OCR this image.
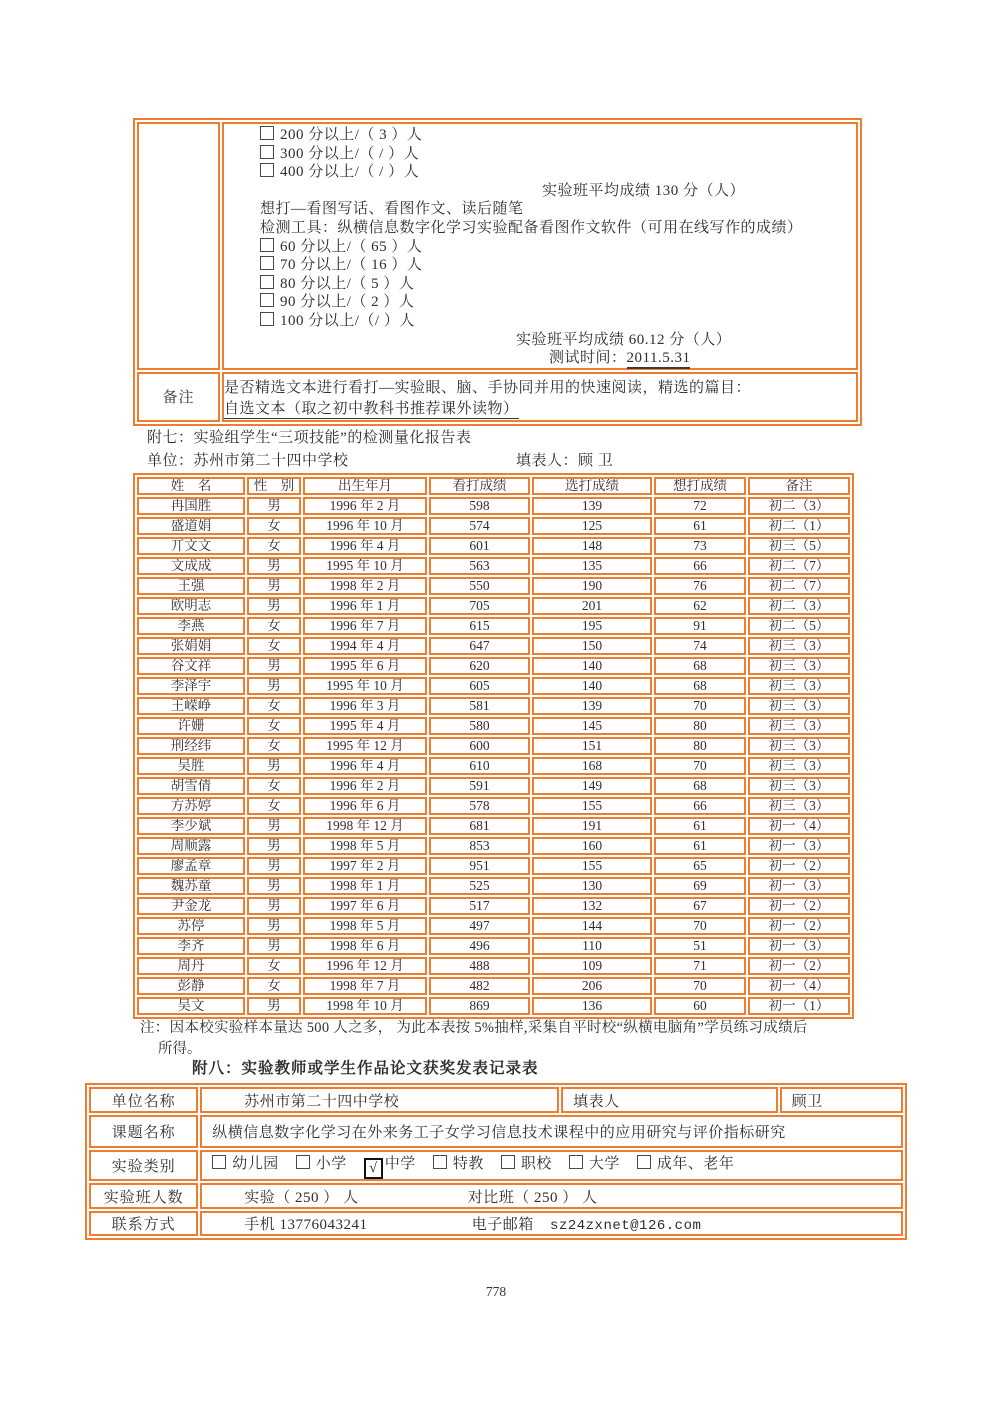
200 分以上/（ 3 ）人
300 分以上/（ / ）人
400 分以上/（ / ）人
实验班平均成绩 130 分（人）
想打—看图写话、看图作文、读后随笔
检测工具：纵横信息数字化学习实验配备看图作文软件（可用在线写作的成绩）
60 分以上/（ 65 ）人
70 分以上/（ 16 ）人
80 分以上/（ 5 ）人
90 分以上/（ 2 ）人
100 分以上/（/ ）人
实验班平均成绩 60.12 分（人）
测试时间：2011.5.31

备注	是否精选文本进行看打—实验眼、脑、手协同并用的快速阅读，精选的篇目：
自选文本（取之初中教科书推荐课外读物）
附七：实验组学生“三项技能”的检测量化报告表
单位：苏州市第二十四中学校	填表人：顾 卫
姓　名	性　别	出生年月	看打成绩	选打成绩	想打成绩	备注
冉国胜	男	1996 年 2 月	598	139	72	初二（3）
盛道娟	女	1996 年 10 月	574	125	61	初二（1）
丌文文	女	1996 年 4 月	601	148	73	初三（5）
文成成	男	1995 年 10 月	563	135	66	初二（7）
王强	男	1998 年 2 月	550	190	76	初二（7）
欧明志	男	1996 年 1 月	705	201	62	初二（3）
李燕	女	1996 年 7 月	615	195	91	初二（5）
张娟娟	女	1994 年 4 月	647	150	74	初三（3）
谷文祥	男	1995 年 6 月	620	140	68	初三（3）
李泽宇	男	1995 年 10 月	605	140	68	初三（3）
王嵘峥	女	1996 年 3 月	581	139	70	初三（3）
许姗	女	1995 年 4 月	580	145	80	初三（3）
刑经纬	女	1995 年 12 月	600	151	80	初三（3）
吴胜	男	1996 年 4 月	610	168	70	初三（3）
胡雪倩	女	1996 年 2 月	591	149	68	初三（3）
方苏婷	女	1996 年 6 月	578	155	66	初三（3）
李少斌	男	1998 年 12 月	681	191	61	初一（4）
周顺露	男	1998 年 5 月	853	160	61	初一（3）
廖孟章	男	1997 年 2 月	951	155	65	初一（2）
魏苏童	男	1998 年 1 月	525	130	69	初一（3）
尹金龙	男	1997 年 6 月	517	132	67	初一（2）
苏停	男	1998 年 5 月	497	144	70	初一（2）
李齐	男	1998 年 6 月	496	110	51	初一（3）
周丹	女	1996 年 12 月	488	109	71	初一（2）
彭静	女	1998 年 7 月	482	206	70	初一（4）
吴文	男	1998 年 10 月	869	136	60	初一（1）
注：因本校实验样本量达 500 人之多， 为此本表按 5%抽样,采集自平时校“纵横电脑角”学员练习成绩后
所得。
附八：实验教师或学生作品论文获奖发表记录表
单位名称	苏州市第二十四中学校	填表人	顾卫
课题名称	纵横信息数字化学习在外来务工子女学习信息技术课程中的应用研究与评价指标研究		
实验类别	幼儿园 小学 √ 中学 特教 职校 大学 成年、老年		
实验班人数	实验（ 250 ） 人 对比班（ 250 ） 人		
联系方式	手机 13776043241 电子邮箱 sz24zxnet@126.com		
778
